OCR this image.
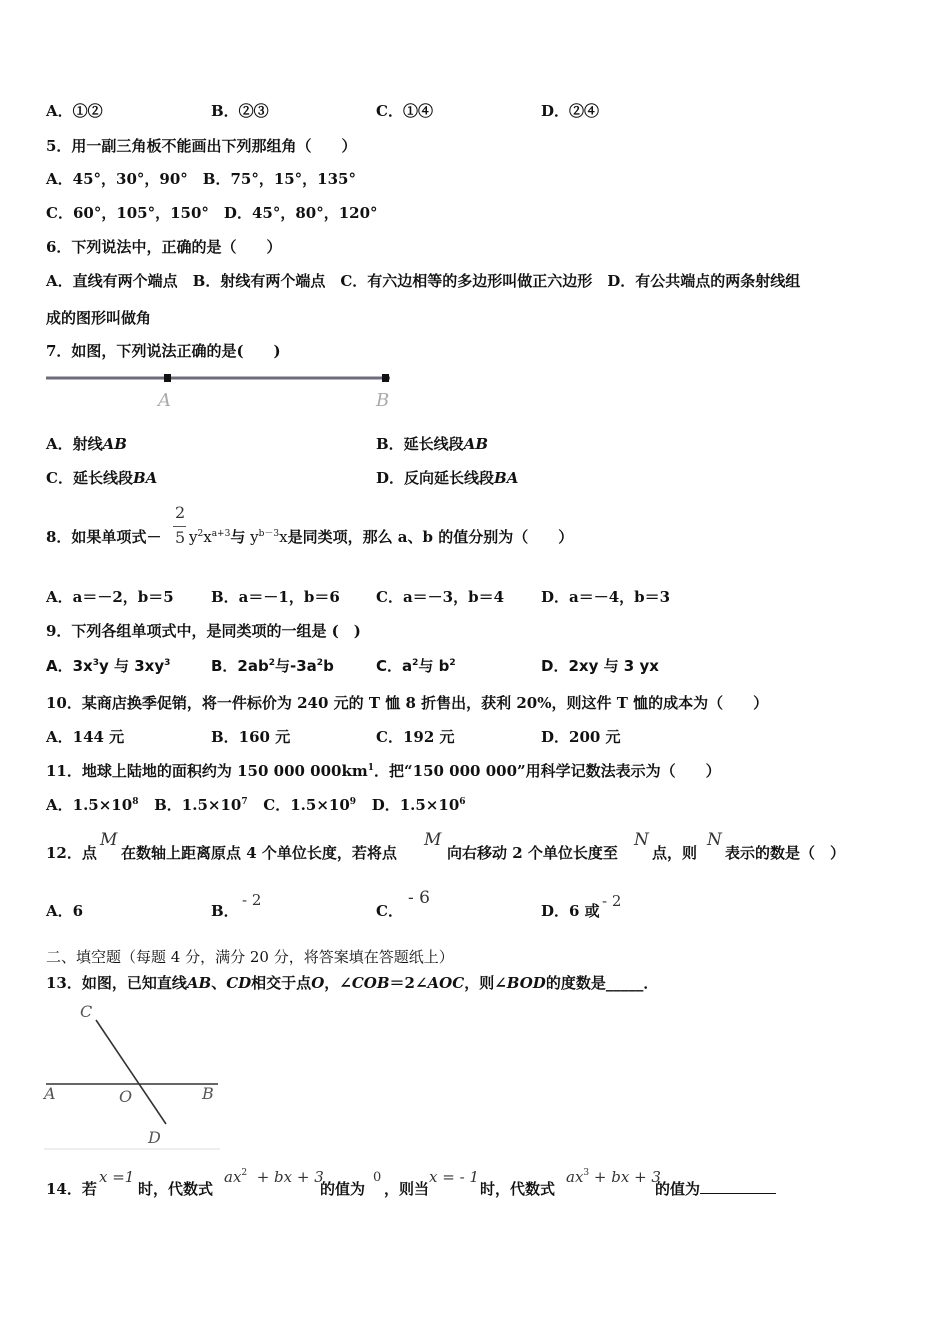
A．①②	B．②③	C．①④	D．②④
5．用一副三角板不能画出下列那组角（　　）
A．45°，30°，90°　B．75°，15°，135°
C．60°，105°，150°　D．45°，80°，120°
6．下列说法中，正确的是（　　）
A．直线有两个端点　B．射线有两个端点　C．有六边相等的多边形叫做正六边形　D．有公共端点的两条射线组
成的图形叫做角
7．如图，下列说法正确的是(　　)
A	B
A．射线AB	B．延长线段AB
C．延长线段BA	D．反向延长线段BA
8．如果单项式－
2
5 $y^2x^{a+3}$与 $y^{b-3}x$是同类项，那么 a、b 的值分别为（　　）
A．a＝－2，b＝5 B．a＝－1，b＝6 C．a＝－3，b＝4 D．a＝－4，b＝3
9．下列各组单项式中，是同类项的一组是 (　)
A．$3x^3y$ 与 $3xy^3$	B．$2ab^2$与$-3a^2b$	C．$a^2$与 $b^2$	D．2xy 与 3 yx
10．某商店换季促销，将一件标价为 240 元的 T 恤 8 折售出，获利 20%，则这件 T 恤的成本为（　　）
A．144 元	B．160 元	C．192 元	D．200 元
11．地球上陆地的面积约为 150 000 $000km^1$．把“150 000 000”用科学记数法表示为（　　）
A．$1.5\times 10^8$ B．$1.5\times 10^7$ C．$1.5\times 10^9$ D．$1.5\times 10^6$
12．点
M
在数轴上距离原点 4 个单位长度，若将点
M
向右移动 2 个单位长度至
N
点，则
N
表示的数是（　）
A．6	B．
- 2
C．
- 6
D．6 或
- 2
二、填空题（每题 4 分，满分 20 分，将答案填在答题纸上）
13．如图，已知直线AB、CD相交于点O，∠COB＝2∠AOC，则∠BOD的度数是_____．
C
A	O	B
D
14．若
x =1
时，代数式
$ax^2$ + bx + 3
的值为
0
，则当
x = - 1
时，代数式
$ax^3$ + bx + 3
的值为
